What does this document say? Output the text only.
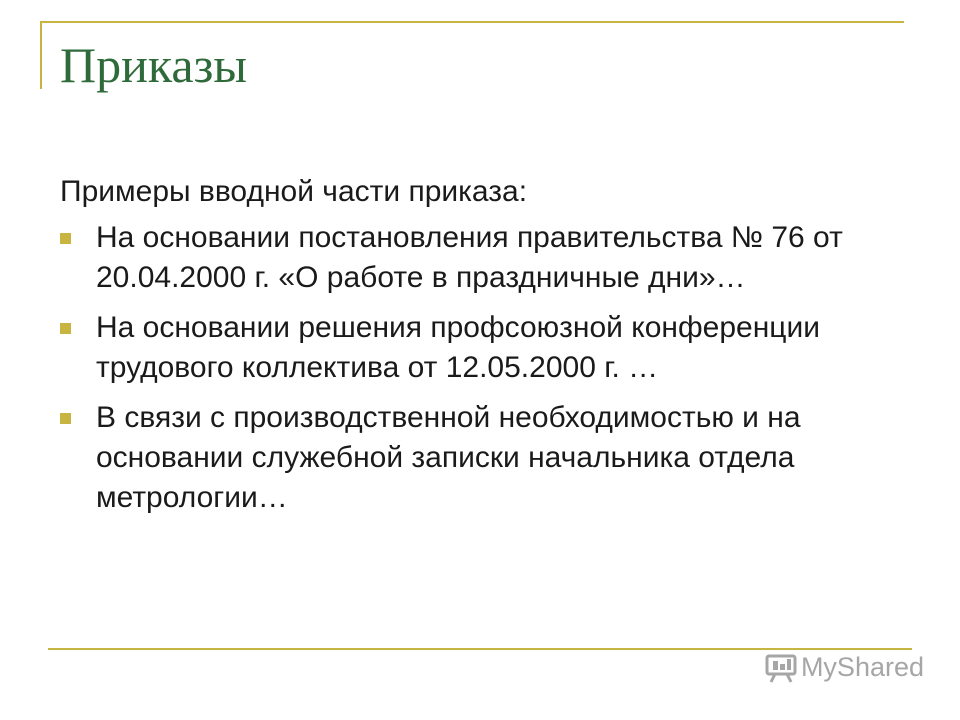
Приказы

Примеры вводной части приказа:

На основании постановления правительства № 76 от 20.04.2000 г. «О работе в праздничные дни»…
На основании решения профсоюзной конференции трудового коллектива от 12.05.2000 г. …
В связи с производственной необходимостью и на основании служебной записки начальника отдела метрологии…
MyShared
